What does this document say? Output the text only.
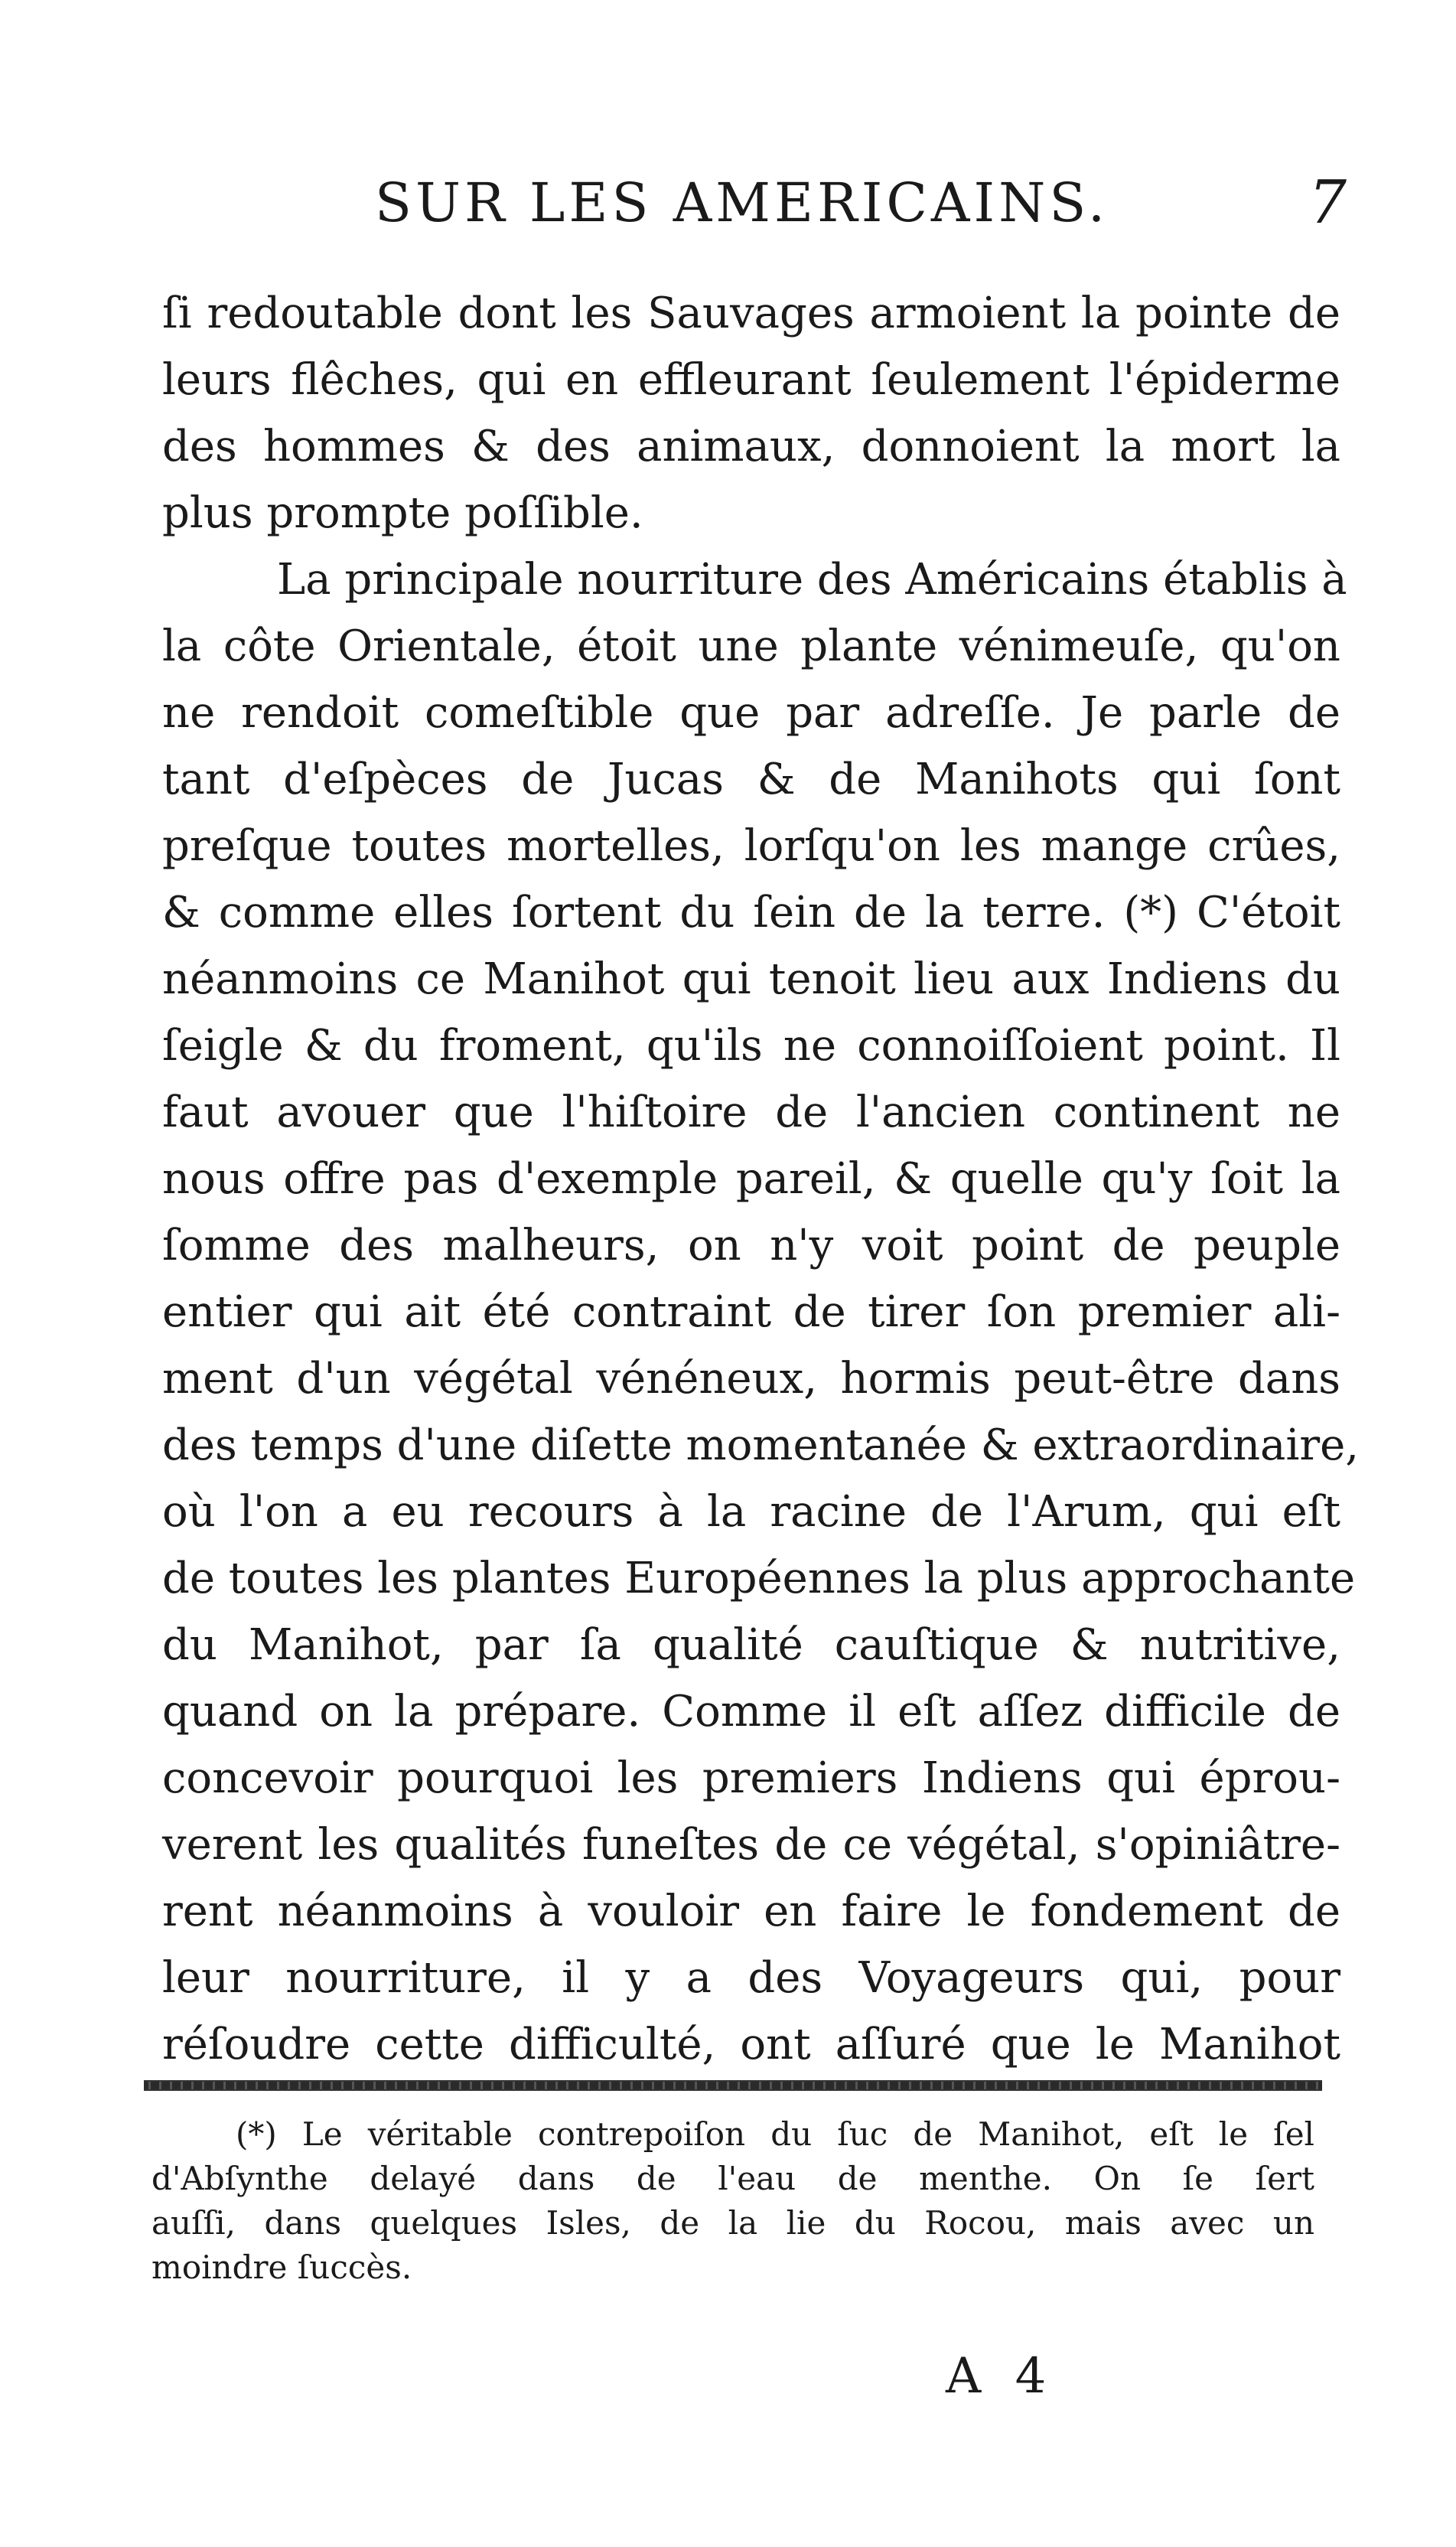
SUR LES AMERICAINS.	7
ſi redoutable dont les Sauvages armoient la pointe de
leurs flêches, qui en effleurant ſeulement l'épiderme
des hommes & des animaux, donnoient la mort la
plus prompte poſſible.
La principale nourriture des Américains établis à
la côte Orientale, étoit une plante vénimeuſe, qu'on
ne rendoit comeſtible que par adreſſe. Je parle de
tant d'eſpèces de Jucas & de Manihots qui ſont
preſque toutes mortelles, lorſqu'on les mange crûes,
& comme elles ſortent du ſein de la terre. (*) C'étoit
néanmoins ce Manihot qui tenoit lieu aux Indiens du
ſeigle & du froment, qu'ils ne connoiſſoient point. Il
faut avouer que l'hiſtoire de l'ancien continent ne
nous offre pas d'exemple pareil, & quelle qu'y ſoit la
ſomme des malheurs, on n'y voit point de peuple
entier qui ait été contraint de tirer ſon premier ali-
ment d'un végétal vénéneux, hormis peut-être dans
des temps d'une diſette momentanée & extraordinaire,
où l'on a eu recours à la racine de l'Arum, qui eſt
de toutes les plantes Européennes la plus approchante
du Manihot, par ſa qualité cauſtique & nutritive,
quand on la prépare. Comme il eſt aſſez difficile de
concevoir pourquoi les premiers Indiens qui éprou-
verent les qualités funeſtes de ce végétal, s'opiniâtre-
rent néanmoins à vouloir en faire le fondement de
leur nourriture, il y a des Voyageurs qui, pour
réſoudre cette difficulté, ont aſſuré que le Manihot
(*) Le véritable contrepoiſon du ſuc de Manihot, eſt le ſel
d'Abſynthe delayé dans de l'eau de menthe. On ſe ſert
auſſi, dans quelques Isles, de la lie du Rocou, mais avec un
moindre ſuccès.
A 4
